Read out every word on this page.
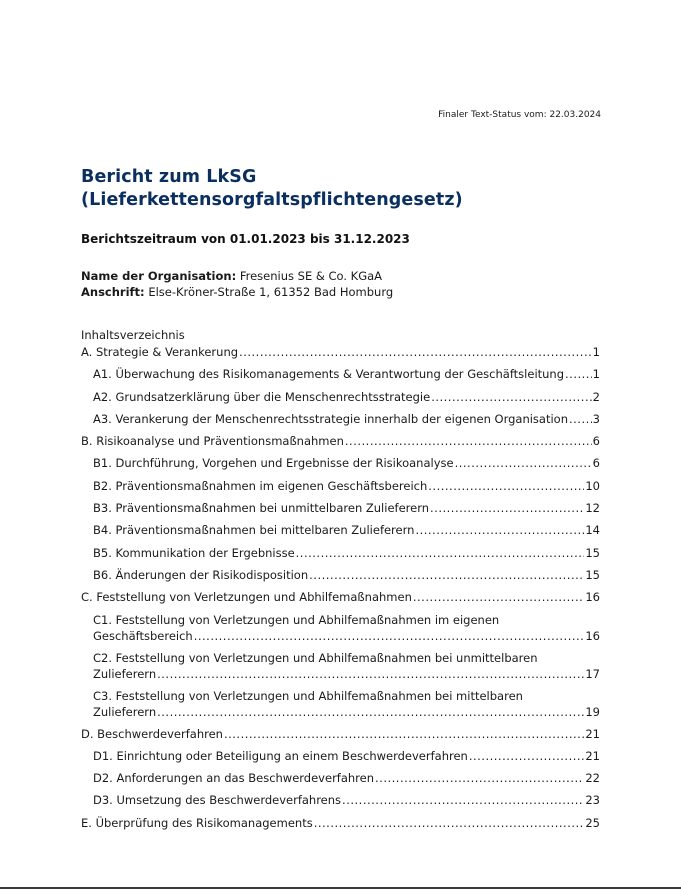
Finaler Text-Status vom: 22.03.2024
Bericht zum LkSG
(Lieferkettensorgfaltspflichtengesetz)
Berichtszeitraum von 01.01.2023 bis 31.12.2023
Name der Organisation: Fresenius SE & Co. KGaA
Anschrift: Else-Kröner-Straße 1, 61352 Bad Homburg
Inhaltsverzeichnis
A. Strategie & Verankerung .....	1
A1. Überwachung des Risikomanagements & Verantwortung der Geschäftsleitung ..... 1
A2. Grundsatzerklärung über die Menschenrechtsstrategie .....	2
A3. Verankerung der Menschenrechtsstrategie innerhalb der eigenen Organisation ..... 3
B. Risikoanalyse und Präventionsmaßnahmen .....	6
B1. Durchführung, Vorgehen und Ergebnisse der Risikoanalyse .....	6
B2. Präventionsmaßnahmen im eigenen Geschäftsbereich .....	10
B3. Präventionsmaßnahmen bei unmittelbaren Zulieferern .....	12
B4. Präventionsmaßnahmen bei mittelbaren Zulieferern .....	14
B5. Kommunikation der Ergebnisse .....	15
B6. Änderungen der Risikodisposition .....	15
C. Feststellung von Verletzungen und Abhilfemaßnahmen .....	16
C1. Feststellung von Verletzungen und Abhilfemaßnahmen im eigenen
Geschäftsbereich .....	16
C2. Feststellung von Verletzungen und Abhilfemaßnahmen bei unmittelbaren
Zulieferern .....	17
C3. Feststellung von Verletzungen und Abhilfemaßnahmen bei mittelbaren
Zulieferern .....	19
D. Beschwerdeverfahren .....	21
D1. Einrichtung oder Beteiligung an einem Beschwerdeverfahren .....	21
D2. Anforderungen an das Beschwerdeverfahren .....	22
D3. Umsetzung des Beschwerdeverfahrens .....	23
E. Überprüfung des Risikomanagements .....	25
